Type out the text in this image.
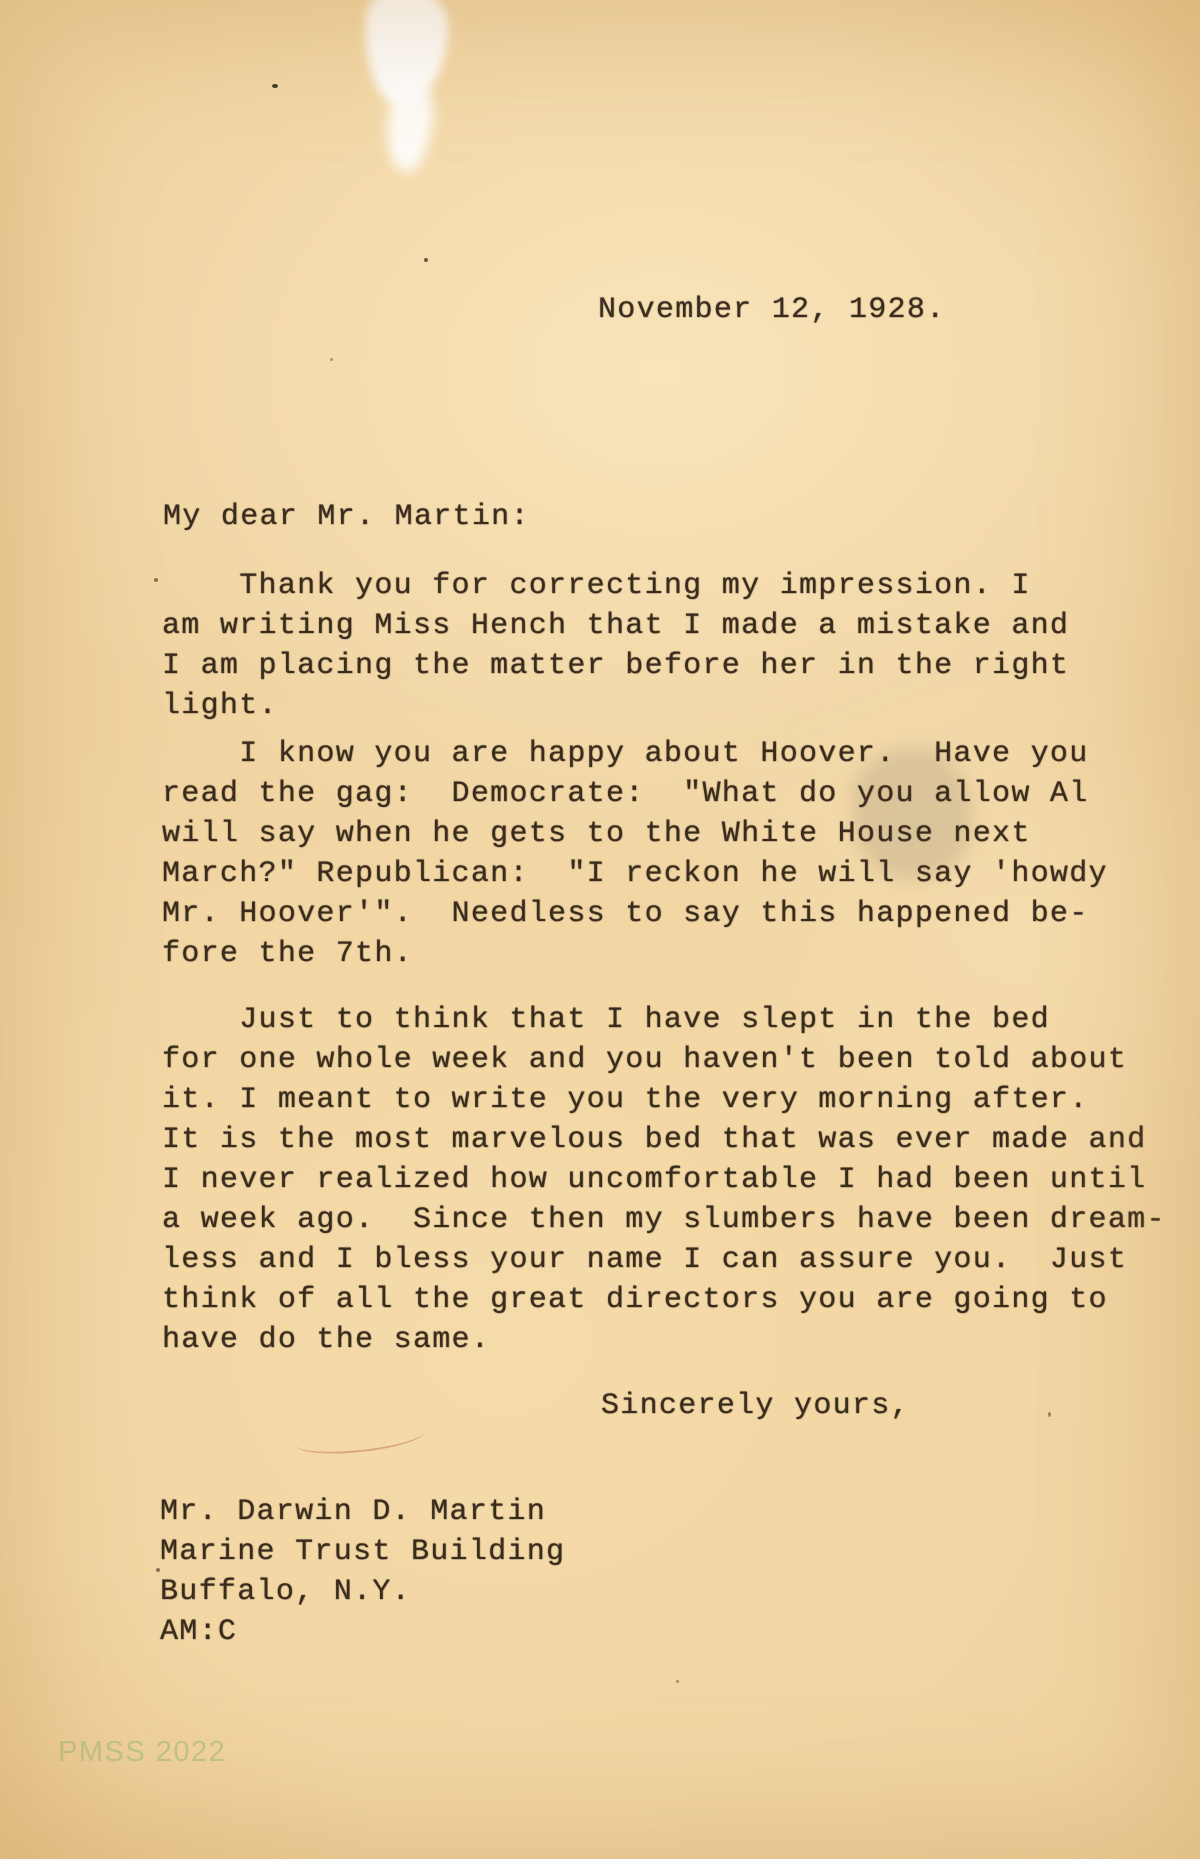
November 12, 1928.
My dear Mr. Martin:
Thank you for correcting my impression. I
am writing Miss Hench that I made a mistake and
I am placing the matter before her in the right
light.
I know you are happy about Hoover.  Have you
read the gag:  Democrate:  "What do you allow Al
will say when he gets to the White House next
March?" Republican:  "I reckon he will say 'howdy
Mr. Hoover'".  Needless to say this happened be-
fore the 7th.
Just to think that I have slept in the bed
for one whole week and you haven't been told about
it. I meant to write you the very morning after.
It is the most marvelous bed that was ever made and
I never realized how uncomfortable I had been until
a week ago.  Since then my slumbers have been dream-
less and I bless your name I can assure you.  Just
think of all the great directors you are going to
have do the same.
Sincerely yours,
Mr. Darwin D. Martin
Marine Trust Building
Buffalo, N.Y.
AM:C
PMSS 2022
